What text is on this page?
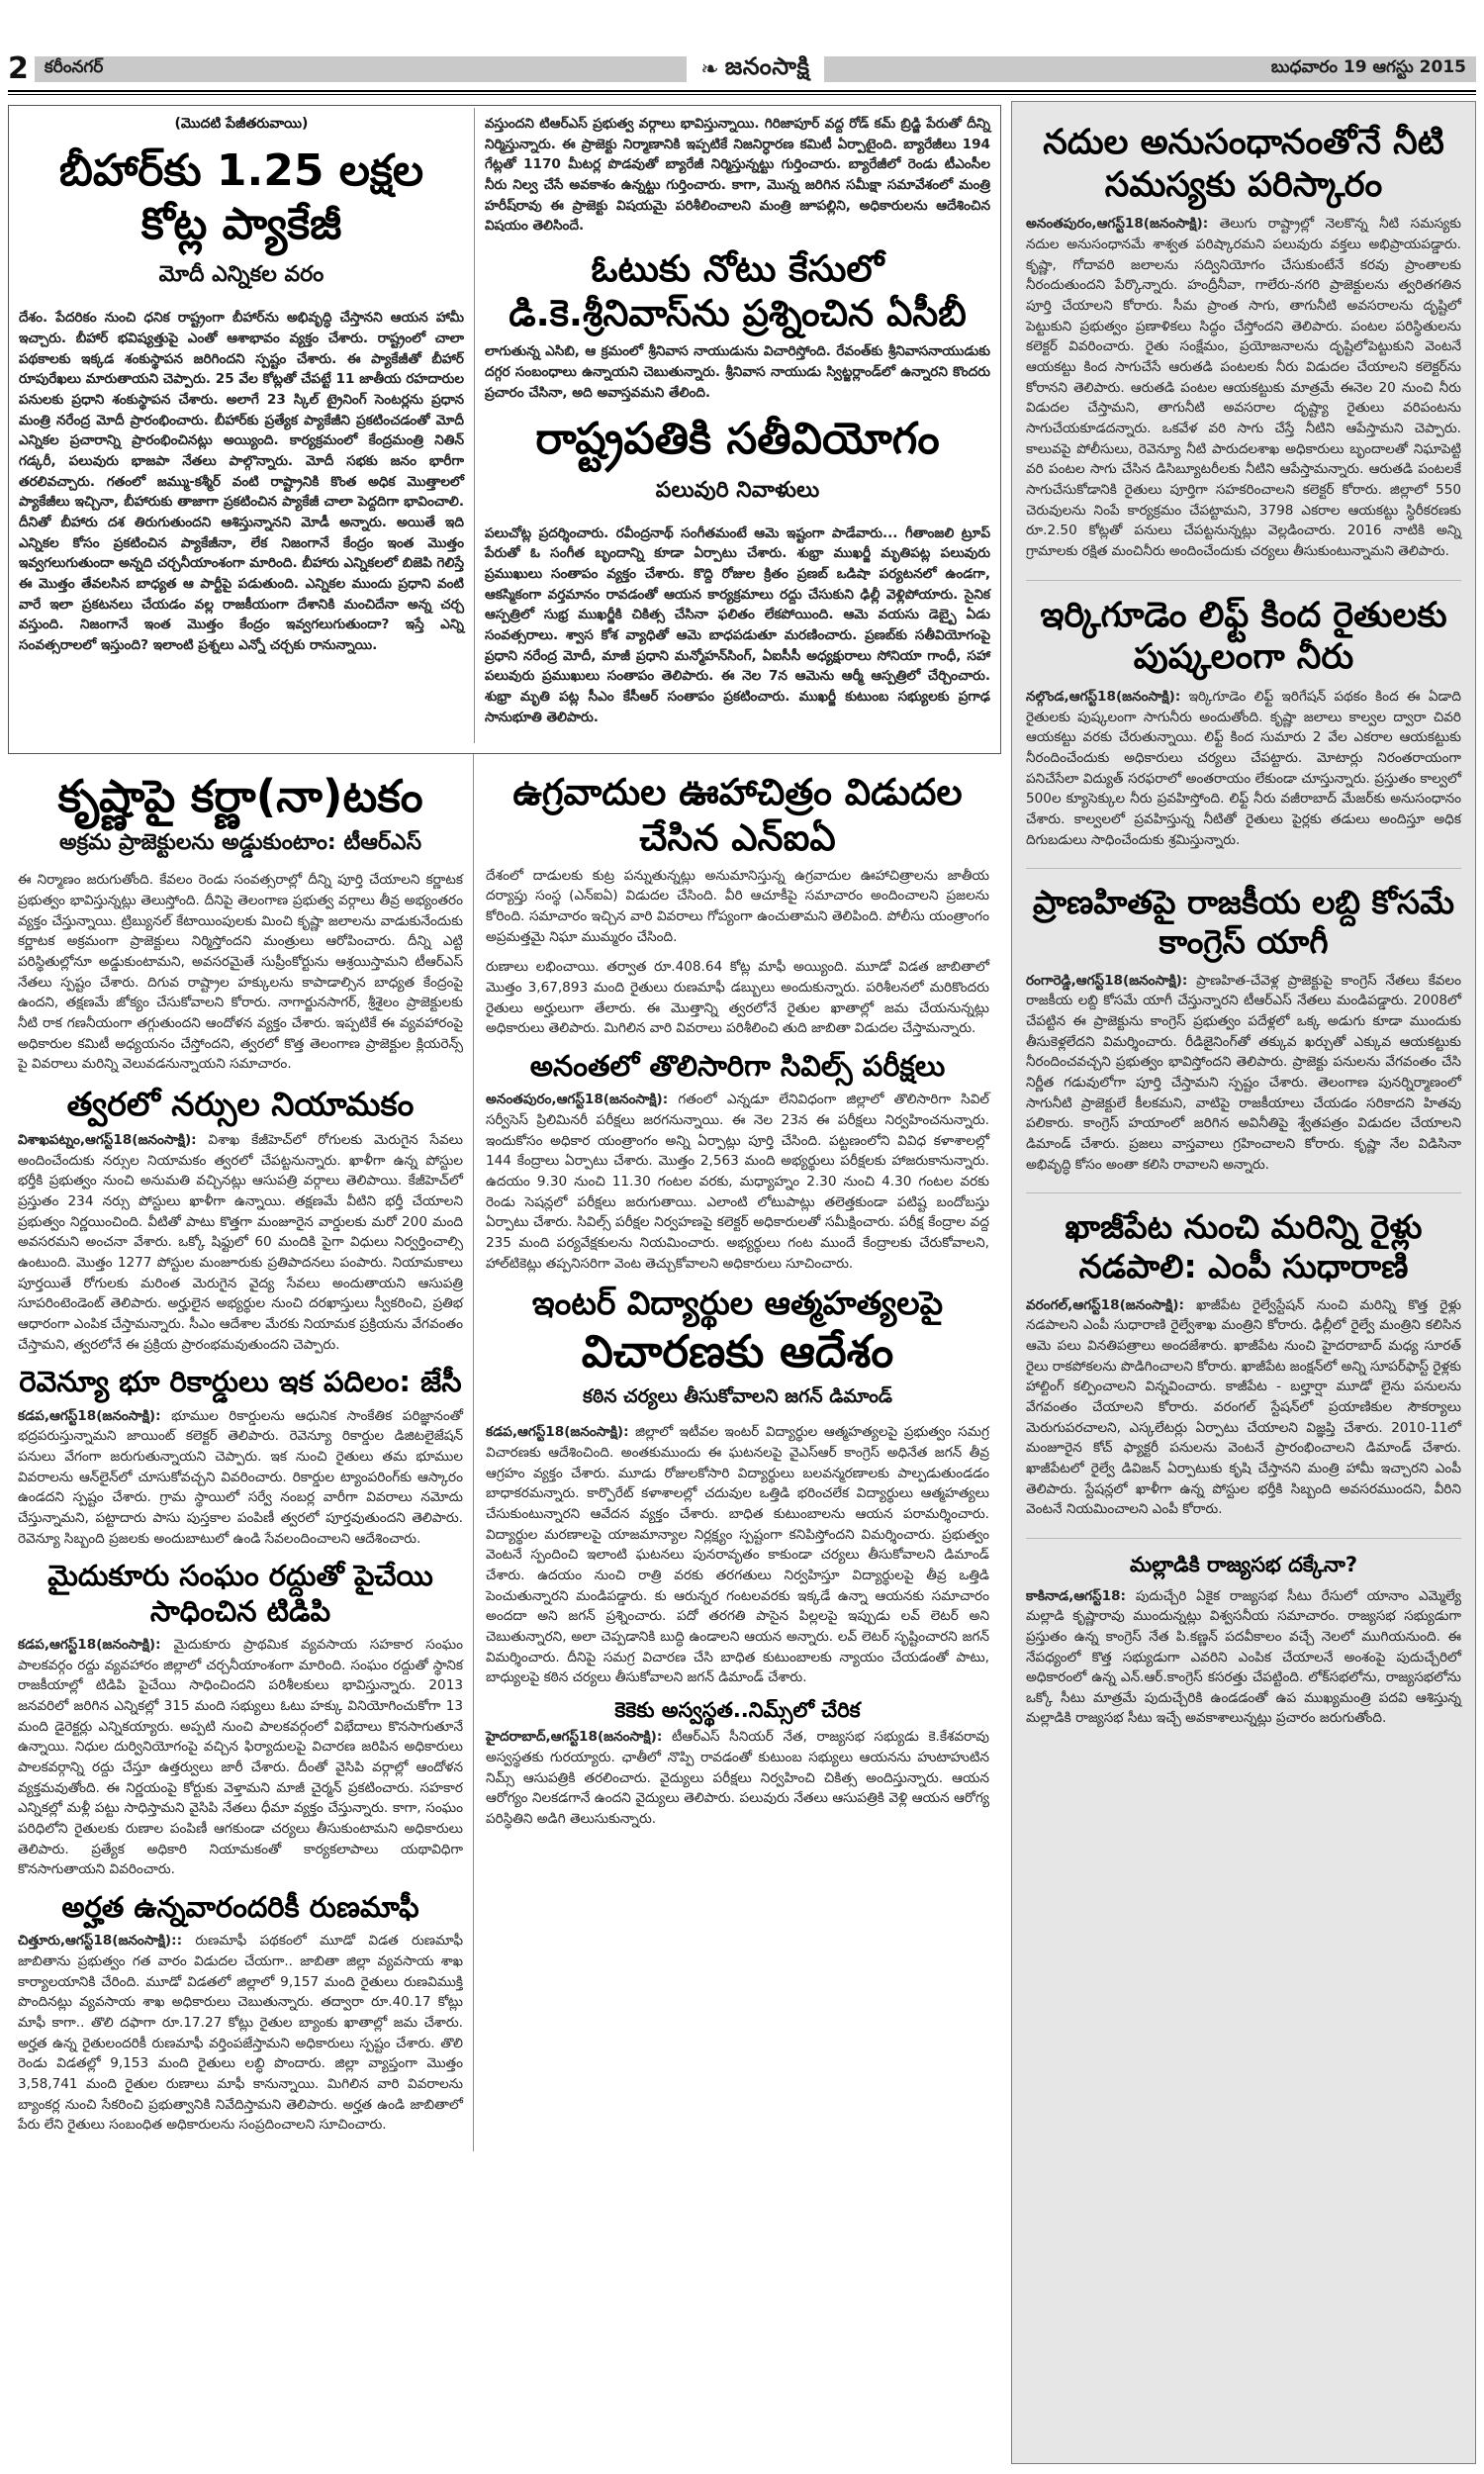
2 కరీంనగర్	❧ జనంసాక్షి	బుధవారం 19 ఆగస్టు 2015
(మొదటి పేజీతరువాయి)
బీహార్‌కు 1.25 లక్షల కోట్ల ప్యాకేజీ
మోదీ ఎన్నికల వరం

దేశం. పేదరికం నుంచి ధనిక రాష్ట్రంగా బీహార్‌ను అభివృద్ధి చేస్తానని ఆయన హామీ ఇచ్చారు. బీహార్ భవిష్యత్తుపై ఎంతో ఆశాభావం వ్యక్తం చేశారు. రాష్ట్రంలో చాలా పథకాలకు ఇక్కడ శంకుస్థాపన జరిగిందని స్పష్టం చేశారు. ఈ ప్యాకేజీతో బీహార్ రూపురేఖలు మారుతాయని చెప్పారు. 25 వేల కోట్లతో చేపట్టే 11 జాతీయ రహదారుల పనులకు ప్రధాని శంకుస్థాపన చేశారు. అలాగే 23 స్కిల్ ట్రైనింగ్ సెంటర్లను ప్రధాన మంత్రి నరేంద్ర మోదీ ప్రారంభించారు. బీహార్‌కు ప్రత్యేక ప్యాకేజీని ప్రకటించడంతో మోదీ ఎన్నికల ప్రచారాన్ని ప్రారంభించినట్లు అయ్యింది. కార్యక్రమంలో కేంద్రమంత్రి నితిన్ గడ్కరీ, పలువురు భాజపా నేతలు పాల్గొన్నారు. మోదీ సభకు జనం భారీగా తరలివచ్చారు. గతంలో జమ్ము-కశ్మీర్ వంటి రాష్ట్రానికి కొంత అధిక మొత్తాలలో ప్యాకేజీలు ఇచ్చినా, బీహారుకు తాజాగా ప్రకటించిన ప్యాకేజీ చాలా పెద్దదిగా భావించాలి. దీనితో బీహారు దశ తిరుగుతుందని ఆశిస్తున్నానని మోడీ అన్నారు. అయితే ఇది ఎన్నికల కోసం ప్రకటించిన ప్యాకేజీనా, లేక నిజంగానే కేంద్రం ఇంత మొత్తం ఇవ్వగలుగుతుందా అన్నది చర్చనీయాంశంగా మారింది. బీహారు ఎన్నికలలో బిజెపి గెలిస్తే ఈ మొత్తం తేవలసిన బాధ్యత ఆ పార్టీపై పడుతుంది. ఎన్నికల ముందు ప్రధాని వంటి వారే ఇలా ప్రకటనలు చేయడం వల్ల రాజకీయంగా దేశానికి మంచిదేనా అన్న చర్చ వస్తుంది. నిజంగానే ఇంత మొత్తం కేంద్రం ఇవ్వగలుగుతుందా? ఇస్తే ఎన్ని సంవత్సరాలలో ఇస్తుంది? ఇలాంటి ప్రశ్నలు ఎన్నో చర్చకు రానున్నాయి.

వస్తుందని టిఆర్ఎస్ ప్రభుత్వ వర్గాలు భావిస్తున్నాయి. గిరిజాపూర్ వద్ద రోడ్ కమ్ బ్రిడ్జి పేరుతో దీన్ని నిర్మిస్తున్నారు. ఈ ప్రాజెక్టు నిర్మాణానికి ఇప్పటికే నిజనిర్ధారణ కమిటీ ఏర్పాటైంది. బ్యారేజీలు 194 గేట్లతో 1170 మీటర్ల పొడవుతో బ్యారేజీ నిర్మిస్తున్నట్టు గుర్తించారు. బ్యారేజీలో రెండు టీఎంసీల నీరు నిల్వ చేసే అవకాశం ఉన్నట్టు గుర్తించారు. కాగా, మొన్న జరిగిన సమీక్షా సమావేశంలో మంత్రి హరీష్‌రావు ఈ ప్రాజెక్టు విషయమై పరిశీలించాలని మంత్రి జూపల్లిని, అధికారులను ఆదేశించిన విషయం తెలిసిందే.

ఓటుకు నోటు కేసులో డి.కె.శ్రీనివాస్‌ను ప్రశ్నించిన ఏసీబీ

లాగుతున్న ఎసిబి, ఆ క్రమంలో శ్రీనివాస నాయుడును విచారిస్తోంది. రేవంత్‌కు శ్రీనివాసనాయుడుకు దగ్గర సంబంధాలు ఉన్నాయని చెబుతున్నారు. శ్రీనివాస నాయుడు స్విట్జర్లాండ్‌లో ఉన్నారని కొందరు ప్రచారం చేసినా, అది అవాస్తవమని తేలింది.

రాష్ట్రపతికి సతీవియోగం
పలువురి నివాళులు

పలుచోట్ల ప్రదర్శించారు. రవీంద్రనాథ్ సంగీతమంటే ఆమె ఇష్టంగా పాడేవారు... గీతాంజలి ట్రూప్ పేరుతో ఓ సంగీత బృందాన్ని కూడా ఏర్పాటు చేశారు. శుభ్రా ముఖర్జీ మృతిపట్ల పలువురు ప్రముఖులు సంతాపం వ్యక్తం చేశారు. కొద్ది రోజుల క్రితం ప్రణబ్ ఒడిషా పర్యటనలో ఉండగా, ఆకస్మికంగా వర్తమానం రావడంతో ఆయన కార్యక్రమాలు రద్దు చేసుకుని ఢిల్లీ వెళ్లిపోయారు. సైనిక ఆస్పత్రిలో సుభ్ర ముఖర్జీకి చికిత్స చేసినా ఫలితం లేకపోయింది. ఆమె వయసు డెబ్బై ఏడు సంవత్సరాలు. శ్వాస కోశ వ్యాధితో ఆమె బాధపడుతూ మరణించారు. ప్రణబ్‌కు సతీవియోగంపై ప్రధాని నరేంద్ర మోదీ, మాజీ ప్రధాని మన్మోహన్‌సింగ్, ఏఐసీసీ అధ్యక్షురాలు సోనియా గాంధీ, సహా పలువురు ప్రముఖులు సంతాపం తెలిపారు. ఈ నెల 7న ఆమెను ఆర్మీ ఆస్పత్రిలో చేర్చించారు. శుభ్రా మృతి పట్ల సీఎం కేసీఆర్ సంతాపం ప్రకటించారు. ముఖర్జీ కుటుంబ సభ్యులకు ప్రగాఢ సానుభూతి తెలిపారు.

కృష్ణాపై కర్ణా(నా)టకం
అక్రమ ప్రాజెక్టులను అడ్డుకుంటాం: టీఆర్ఎస్

ఈ నిర్మాణం జరుగుతోంది. కేవలం రెండు సంవత్సరాల్లో దీన్ని పూర్తి చేయాలని కర్ణాటక ప్రభుత్వం భావిస్తున్నట్లు తెలుస్తోంది. దీనిపై తెలంగాణ ప్రభుత్వ వర్గాలు తీవ్ర అభ్యంతరం వ్యక్తం చేస్తున్నాయి. ట్రిబ్యునల్ కేటాయింపులకు మించి కృష్ణా జలాలను వాడుకునేందుకు కర్ణాటక అక్రమంగా ప్రాజెక్టులు నిర్మిస్తోందని మంత్రులు ఆరోపించారు. దీన్ని ఎట్టి పరిస్థితుల్లోనూ అడ్డుకుంటామని, అవసరమైతే సుప్రీంకోర్టును ఆశ్రయిస్తామని టీఆర్ఎస్ నేతలు స్పష్టం చేశారు. దిగువ రాష్ట్రాల హక్కులను కాపాడాల్సిన బాధ్యత కేంద్రంపై ఉందని, తక్షణమే జోక్యం చేసుకోవాలని కోరారు. నాగార్జునసాగర్, శ్రీశైలం ప్రాజెక్టులకు నీటి రాక గణనీయంగా తగ్గుతుందని ఆందోళన వ్యక్తం చేశారు. ఇప్పటికే ఈ వ్యవహారంపై అధికారుల కమిటీ అధ్యయనం చేస్తోందని, త్వరలో కొత్త తెలంగాణ ప్రాజెక్టుల క్లియరెన్స్ పై వివరాలు మరిన్ని వెలువడనున్నాయని సమాచారం.

త్వరలో నర్సుల నియామకం

విశాఖపట్నం,ఆగస్ట్18(జనంసాక్షి): విశాఖ కేజీహెచ్‌లో రోగులకు మెరుగైన సేవలు అందించేందుకు నర్సుల నియామకం త్వరలో చేపట్టనున్నారు. ఖాళీగా ఉన్న పోస్టుల భర్తీకి ప్రభుత్వం నుంచి అనుమతి వచ్చినట్లు ఆసుపత్రి వర్గాలు తెలిపాయి. కేజీహెచ్‌లో ప్రస్తుతం 234 నర్సు పోస్టులు ఖాళీగా ఉన్నాయి. తక్షణమే వీటిని భర్తీ చేయాలని ప్రభుత్వం నిర్ణయించింది. వీటితో పాటు కొత్తగా మంజూరైన వార్డులకు మరో 200 మంది అవసరమని అంచనా వేశారు. ఒక్కో షిఫ్టులో 60 మందికి పైగా విధులు నిర్వర్తించాల్సి ఉంటుంది. మొత్తం 1277 పోస్టుల మంజూరుకు ప్రతిపాదనలు పంపారు. నియామకాలు పూర్తయితే రోగులకు మరింత మెరుగైన వైద్య సేవలు అందుతాయని ఆసుపత్రి సూపరింటెండెంట్ తెలిపారు. అర్హులైన అభ్యర్థుల నుంచి దరఖాస్తులు స్వీకరించి, ప్రతిభ ఆధారంగా ఎంపిక చేస్తామన్నారు. సీఎం ఆదేశాల మేరకు నియామక ప్రక్రియను వేగవంతం చేస్తామని, త్వరలోనే ఈ ప్రక్రియ ప్రారంభమవుతుందని చెప్పారు.

రెవెన్యూ భూ రికార్డులు ఇక పదిలం: జేసీ

కడప,ఆగస్ట్18(జనంసాక్షి): భూముల రికార్డులను ఆధునిక సాంకేతిక పరిజ్ఞానంతో భద్రపరుస్తున్నామని జాయింట్ కలెక్టర్ తెలిపారు. రెవెన్యూ రికార్డుల డిజిటలైజేషన్ పనులు వేగంగా జరుగుతున్నాయని చెప్పారు. ఇక నుంచి రైతులు తమ భూముల వివరాలను ఆన్‌లైన్‌లో చూసుకోవచ్చని వివరించారు. రికార్డుల ట్యాంపరింగ్‌కు ఆస్కారం ఉండదని స్పష్టం చేశారు. గ్రామ స్థాయిలో సర్వే నంబర్ల వారీగా వివరాలు నమోదు చేస్తున్నామని, పట్టాదారు పాసు పుస్తకాల పంపిణీ త్వరలో పూర్తవుతుందని తెలిపారు. రెవెన్యూ సిబ్బంది ప్రజలకు అందుబాటులో ఉండి సేవలందించాలని ఆదేశించారు.

మైదుకూరు సంఘం రద్దుతో పైచేయి సాధించిన టిడిపి

కడప,ఆగస్ట్18(జనంసాక్షి): మైదుకూరు ప్రాథమిక వ్యవసాయ సహకార సంఘం పాలకవర్గం రద్దు వ్యవహారం జిల్లాలో చర్చనీయాంశంగా మారింది. సంఘం రద్దుతో స్థానిక రాజకీయాల్లో టిడిపి పైచేయి సాధించిందని పరిశీలకులు భావిస్తున్నారు. 2013 జనవరిలో జరిగిన ఎన్నికల్లో 315 మంది సభ్యులు ఓటు హక్కు వినియోగించుకోగా 13 మంది డైరెక్టర్లు ఎన్నికయ్యారు. అప్పటి నుంచి పాలకవర్గంలో విభేదాలు కొనసాగుతూనే ఉన్నాయి. నిధుల దుర్వినియోగంపై వచ్చిన ఫిర్యాదులపై విచారణ జరిపిన అధికారులు పాలకవర్గాన్ని రద్దు చేస్తూ ఉత్తర్వులు జారీ చేశారు. దీంతో వైసిపి వర్గాల్లో ఆందోళన వ్యక్తమవుతోంది. ఈ నిర్ణయంపై కోర్టుకు వెళ్తామని మాజీ చైర్మన్ ప్రకటించారు. సహకార ఎన్నికల్లో మళ్లీ పట్టు సాధిస్తామని వైసిపి నేతలు ధీమా వ్యక్తం చేస్తున్నారు. కాగా, సంఘం పరిధిలోని రైతులకు రుణాల పంపిణీ ఆగకుండా చర్యలు తీసుకుంటామని అధికారులు తెలిపారు. ప్రత్యేక అధికారి నియామకంతో కార్యకలాపాలు యథావిధిగా కొనసాగుతాయని వివరించారు.

అర్హత ఉన్నవారందరికీ రుణమాఫీ

చిత్తూరు,ఆగస్ట్18(జనంసాక్షి):: రుణమాఫీ పథకంలో మూడో విడత రుణమాఫీ జాబితాను ప్రభుత్వం గత వారం విడుదల చేయగా.. జాబితా జిల్లా వ్యవసాయ శాఖ కార్యాలయానికి చేరింది. మూడో విడతలో జిల్లాలో 9,157 మంది రైతులు రుణవిముక్తి పొందినట్లు వ్యవసాయ శాఖ అధికారులు చెబుతున్నారు. తద్వారా రూ.40.17 కోట్లు మాఫీ కాగా.. తొలి దఫాగా రూ.17.27 కోట్లు రైతుల బ్యాంకు ఖాతాల్లో జమ చేశారు. అర్హత ఉన్న రైతులందరికీ రుణమాఫీ వర్తింపజేస్తామని అధికారులు స్పష్టం చేశారు. తొలి రెండు విడతల్లో 9,153 మంది రైతులు లబ్ధి పొందారు. జిల్లా వ్యాప్తంగా మొత్తం 3,58,741 మంది రైతుల రుణాలు మాఫీ కానున్నాయి. మిగిలిన వారి వివరాలను బ్యాంకర్ల నుంచి సేకరించి ప్రభుత్వానికి నివేదిస్తామని తెలిపారు. అర్హత ఉండి జాబితాలో పేరు లేని రైతులు సంబంధిత అధికారులను సంప్రదించాలని సూచించారు.

ఉగ్రవాదుల ఊహాచిత్రం విడుదల చేసిన ఎన్‌ఐఏ

దేశంలో దాడులకు కుట్ర పన్నుతున్నట్లు అనుమానిస్తున్న ఉగ్రవాదుల ఊహాచిత్రాలను జాతీయ దర్యాప్తు సంస్థ (ఎన్‌ఐఏ) విడుదల చేసింది. వీరి ఆచూకీపై సమాచారం అందించాలని ప్రజలను కోరింది. సమాచారం ఇచ్చిన వారి వివరాలు గోప్యంగా ఉంచుతామని తెలిపింది. పోలీసు యంత్రాంగం అప్రమత్తమై నిఘా ముమ్మరం చేసింది.

రుణాలు లభించాయి. తర్వాత రూ.408.64 కోట్ల మాఫీ అయ్యింది. మూడో విడత జాబితాలో మొత్తం 3,67,893 మంది రైతులు రుణమాఫీ డబ్బులు అందుకున్నారు. పరిశీలనలో మరికొందరు రైతులు అర్హులుగా తేలారు. ఈ మొత్తాన్ని త్వరలోనే రైతుల ఖాతాల్లో జమ చేయనున్నట్లు అధికారులు తెలిపారు. మిగిలిన వారి వివరాలు పరిశీలించి తుది జాబితా విడుదల చేస్తామన్నారు.

అనంతలో తొలిసారిగా సివిల్స్ పరీక్షలు

అనంతపురం,ఆగస్ట్18(జనంసాక్షి): గతంలో ఎన్నడూ లేనివిధంగా జిల్లాలో తొలిసారిగా సివిల్ సర్వీసెస్ ప్రిలిమినరీ పరీక్షలు జరగనున్నాయి. ఈ నెల 23న ఈ పరీక్షలు నిర్వహించనున్నారు. ఇందుకోసం అధికార యంత్రాంగం అన్ని ఏర్పాట్లు పూర్తి చేసింది. పట్టణంలోని వివిధ కళాశాలల్లో 144 కేంద్రాలు ఏర్పాటు చేశారు. మొత్తం 2,563 మంది అభ్యర్థులు పరీక్షలకు హాజరుకానున్నారు. ఉదయం 9.30 నుంచి 11.30 గంటల వరకు, మధ్యాహ్నం 2.30 నుంచి 4.30 గంటల వరకు రెండు సెషన్లలో పరీక్షలు జరుగుతాయి. ఎలాంటి లోటుపాట్లు తలెత్తకుండా పటిష్ట బందోబస్తు ఏర్పాటు చేశారు. సివిల్స్ పరీక్షల నిర్వహణపై కలెక్టర్ అధికారులతో సమీక్షించారు. పరీక్ష కేంద్రాల వద్ద 235 మంది పర్యవేక్షకులను నియమించారు. అభ్యర్థులు గంట ముందే కేంద్రాలకు చేరుకోవాలని, హాల్‌టికెట్లు తప్పనిసరిగా వెంట తెచ్చుకోవాలని అధికారులు సూచించారు.

ఇంటర్ విద్యార్థుల ఆత్మహత్యలపై
విచారణకు ఆదేశం
కఠిన చర్యలు తీసుకోవాలని జగన్ డిమాండ్

కడప,ఆగస్ట్18(జనంసాక్షి): జిల్లాలో ఇటీవల ఇంటర్ విద్యార్థుల ఆత్మహత్యలపై ప్రభుత్వం సమగ్ర విచారణకు ఆదేశించింది. అంతకుముందు ఈ ఘటనలపై వైఎస్ఆర్ కాంగ్రెస్ అధినేత జగన్ తీవ్ర ఆగ్రహం వ్యక్తం చేశారు. మూడు రోజులకోసారి విద్యార్థులు బలవన్మరణాలకు పాల్పడుతుండడం బాధాకరమన్నారు. కార్పొరేట్ కళాశాలల్లో చదువుల ఒత్తిడి భరించలేక విద్యార్థులు ఆత్మహత్యలు చేసుకుంటున్నారని ఆవేదన వ్యక్తం చేశారు. బాధిత కుటుంబాలను ఆయన పరామర్శించారు. విద్యార్థుల మరణాలపై యాజమాన్యాల నిర్లక్ష్యం స్పష్టంగా కనిపిస్తోందని విమర్శించారు. ప్రభుత్వం వెంటనే స్పందించి ఇలాంటి ఘటనలు పునరావృతం కాకుండా చర్యలు తీసుకోవాలని డిమాండ్ చేశారు. ఉదయం నుంచి రాత్రి వరకు తరగతులు నిర్వహిస్తూ విద్యార్థులపై తీవ్ర ఒత్తిడి పెంచుతున్నారని మండిపడ్డారు. కు ఆరున్నర గంటలవరకు ఇక్కడే ఉన్నా ఆయనకు సమాచారం అందదా అని జగన్ ప్రశ్నించారు. పదో తరగతి పాసైన పిల్లలపై ఇప్పుడు లవ్ లెటర్ అని చెబుతున్నారని, అలా చెప్పడానికి బుద్ధి ఉండాలని ఆయన అన్నారు. లవ్ లెటర్ సృష్టించారని జగన్ విమర్శించారు. దీనిపై సమగ్ర విచారణ చేసి బాధిత కుటుంబాలకు న్యాయం చేయడంతో పాటు, బాధ్యులపై కఠిన చర్యలు తీసుకోవాలని జగన్ డిమాండ్ చేశారు.

కెకెకు అస్వస్థత..నిమ్స్‌లో చేరిక

హైదరాబాద్,ఆగస్ట్18(జనంసాక్షి): టీఆర్ఎస్ సీనియర్ నేత, రాజ్యసభ సభ్యుడు కె.కేశవరావు అస్వస్థతకు గురయ్యారు. ఛాతీలో నొప్పి రావడంతో కుటుంబ సభ్యులు ఆయనను హుటాహుటిన నిమ్స్ ఆసుపత్రికి తరలించారు. వైద్యులు పరీక్షలు నిర్వహించి చికిత్స అందిస్తున్నారు. ఆయన ఆరోగ్యం నిలకడగానే ఉందని వైద్యులు తెలిపారు. పలువురు నేతలు ఆసుపత్రికి వెళ్లి ఆయన ఆరోగ్య పరిస్థితిని అడిగి తెలుసుకున్నారు.

నదుల అనుసంధానంతోనే నీటి సమస్యకు పరిస్కారం

అనంతపురం,ఆగస్ట్18(జనంసాక్షి): తెలుగు రాష్ట్రాల్లో నెలకొన్న నీటి సమస్యకు నదుల అనుసంధానమే శాశ్వత పరిష్కారమని పలువురు వక్తలు అభిప్రాయపడ్డారు. కృష్ణా, గోదావరి జలాలను సద్వినియోగం చేసుకుంటేనే కరవు ప్రాంతాలకు నీరందుతుందని పేర్కొన్నారు. హంద్రీనీవా, గాలేరు-నగరి ప్రాజెక్టులను త్వరితగతిన పూర్తి చేయాలని కోరారు. సీమ ప్రాంత సాగు, తాగునీటి అవసరాలను దృష్టిలో పెట్టుకుని ప్రభుత్వం ప్రణాళికలు సిద్ధం చేస్తోందని తెలిపారు. పంటల పరిస్థితులను కలెక్టర్ వివరించారు. రైతు సంక్షేమం, ప్రయోజనాలను దృష్టిలోపెట్టుకుని వెంటనే ఆయకట్టు కింద సాగుచేసే ఆరుతడి పంటలకు నీరు విడుదల చేయాలని కలెక్టర్‌ను కోరానని తెలిపారు. ఆరుతడి పంటల ఆయకట్టుకు మాత్రమే ఈనెల 20 నుంచి నీరు విడుదల చేస్తామని, తాగునీటి అవసరాల దృష్ట్యా రైతులు వరిపంటను సాగుచేయకూడదన్నారు. ఒకవేళ వరి సాగు చేస్తే నీటిని ఆపేస్తామని చెప్పారు. కాలువపై పోలీసులు, రెవెన్యూ నీటి పారుదలశాఖ అధికారులు బృందాలతో నిఘాపెట్టి వరి పంటల సాగు చేసిన డిసిబ్యూటరీలకు నీటిని ఆపేస్తామన్నారు. ఆరుతడి పంటలకే సాగుచేసుకోడానికి రైతులు పూర్తిగా సహకరించాలని కలెక్టర్ కోరారు. జిల్లాలో 550 చెరువులను నింపే కార్యక్రమం చేపట్టామని, 3798 ఎకరాల ఆయకట్టు స్థిరీకరణకు రూ.2.50 కోట్లతో పనులు చేపట్టనున్నట్లు వెల్లడించారు. 2016 నాటికి అన్ని గ్రామాలకు రక్షిత మంచినీరు అందించేందుకు చర్యలు తీసుకుంటున్నామని తెలిపారు.

ఇర్కిగూడెం లిఫ్ట్ కింద రైతులకు పుష్కలంగా నీరు

నల్గొండ,ఆగస్ట్18(జనంసాక్షి): ఇర్కిగూడెం లిఫ్ట్ ఇరిగేషన్ పథకం కింద ఈ ఏడాది రైతులకు పుష్కలంగా సాగునీరు అందుతోంది. కృష్ణా జలాలు కాల్వల ద్వారా చివరి ఆయకట్టు వరకు చేరుతున్నాయి. లిఫ్ట్ కింద సుమారు 2 వేల ఎకరాల ఆయకట్టుకు నీరందించేందుకు అధికారులు చర్యలు చేపట్టారు. మోటార్లు నిరంతరాయంగా పనిచేసేలా విద్యుత్ సరఫరాలో అంతరాయం లేకుండా చూస్తున్నారు. ప్రస్తుతం కాల్వలో 500ల క్యూసెక్కుల నీరు ప్రవహిస్తోంది. లిఫ్ట్ నీరు వజీరాబాద్ మేజర్‌కు అనుసంధానం చేశారు. కాల్వలలో ప్రవహిస్తున్న నీటితో రైతులు పైర్లకు తడులు అందిస్తూ అధిక దిగుబడులు సాధించేందుకు శ్రమిస్తున్నారు.

ప్రాణహితపై రాజకీయ లబ్ది కోసమే కాంగ్రెస్ యాగీ

రంగారెడ్డి,ఆగస్ట్18(జనంసాక్షి): ప్రాణహిత-చేవెళ్ల ప్రాజెక్టుపై కాంగ్రెస్ నేతలు కేవలం రాజకీయ లబ్ది కోసమే యాగీ చేస్తున్నారని టీఆర్ఎస్ నేతలు మండిపడ్డారు. 2008లో చేపట్టిన ఈ ప్రాజెక్టును కాంగ్రెస్ ప్రభుత్వం పదేళ్లలో ఒక్క అడుగు కూడా ముందుకు తీసుకెళ్లలేదని విమర్శించారు. రీడిజైనింగ్‌తో తక్కువ ఖర్చుతో ఎక్కువ ఆయకట్టుకు నీరందించవచ్చని ప్రభుత్వం భావిస్తోందని తెలిపారు. ప్రాజెక్టు పనులను వేగవంతం చేసి నిర్ణీత గడువులోగా పూర్తి చేస్తామని స్పష్టం చేశారు. తెలంగాణ పునర్నిర్మాణంలో సాగునీటి ప్రాజెక్టులే కీలకమని, వాటిపై రాజకీయాలు చేయడం సరికాదని హితవు పలికారు. కాంగ్రెస్ హయాంలో జరిగిన అవినీతిపై శ్వేతపత్రం విడుదల చేయాలని డిమాండ్ చేశారు. ప్రజలు వాస్తవాలు గ్రహించాలని కోరారు. కృష్ణా నేల విడిసినా అభివృద్ధి కోసం అంతా కలిసి రావాలని అన్నారు.

ఖాజీపేట నుంచి మరిన్ని రైళ్లు నడపాలి: ఎంపీ సుధారాణి

వరంగల్,ఆగస్ట్18(జనంసాక్షి): ఖాజీపేట రైల్వేస్టేషన్ నుంచి మరిన్ని కొత్త రైళ్లు నడపాలని ఎంపీ సుధారాణి రైల్వేశాఖ మంత్రిని కోరారు. ఢిల్లీలో రైల్వే మంత్రిని కలిసిన ఆమె పలు వినతిపత్రాలు అందజేశారు. ఖాజీపేట నుంచి హైదరాబాద్ మధ్య సూరత్ రైలు రాకపోకలను పొడిగించాలని కోరారు. ఖాజీపేట జంక్షన్‌లో అన్ని సూపర్‌ఫాస్ట్ రైళ్లకు హాల్టింగ్ కల్పించాలని విన్నవించారు. కాజీపేట - బల్హార్షా మూడో లైను పనులను వేగవంతం చేయాలని కోరారు. వరంగల్ స్టేషన్‌లో ప్రయాణికుల సౌకర్యాలు మెరుగుపరచాలని, ఎస్కలేటర్లు ఏర్పాటు చేయాలని విజ్ఞప్తి చేశారు. 2010-11లో మంజూరైన కోచ్ ఫ్యాక్టరీ పనులను వెంటనే ప్రారంభించాలని డిమాండ్ చేశారు. ఖాజీపేటలో రైల్వే డివిజన్ ఏర్పాటుకు కృషి చేస్తానని మంత్రి హామీ ఇచ్చారని ఎంపీ తెలిపారు. స్టేషన్లలో ఖాళీగా ఉన్న పోస్టుల భర్తీకి సిబ్బంది అవసరముందని, వీరిని వెంటనే నియమించాలని ఎంపీ కోరారు.

మల్లాడికి రాజ్యసభ దక్కేనా?

కాకినాడ,ఆగస్ట్18: పుదుచ్చేరి ఏకైక రాజ్యసభ సీటు రేసులో యానాం ఎమ్మెల్యే మల్లాడి కృష్ణారావు ముందున్నట్లు విశ్వసనీయ సమాచారం. రాజ్యసభ సభ్యుడుగా ప్రస్తుతం ఉన్న కాంగ్రెస్ నేత పి.కణ్ణన్ పదవీకాలం వచ్చే నెలలో ముగియనుంది. ఈ నేపధ్యంలో కొత్త సభ్యుడుగా ఎవరిని ఎంపిక చేయాలనే అంశంపై పుదుచ్చేరిలో అధికారంలో ఉన్న ఎన్.ఆర్.కాంగ్రెస్ కసరత్తు చేపట్టింది. లోక్‌సభలోను, రాజ్యసభలోను ఒక్కో సీటు మాత్రమే పుదుచ్చేరికి ఉండడంతో ఉప ముఖ్యమంత్రి పదవి ఆశిస్తున్న మల్లాడికి రాజ్యసభ సీటు ఇచ్చే అవకాశాలున్నట్లు ప్రచారం జరుగుతోంది.
